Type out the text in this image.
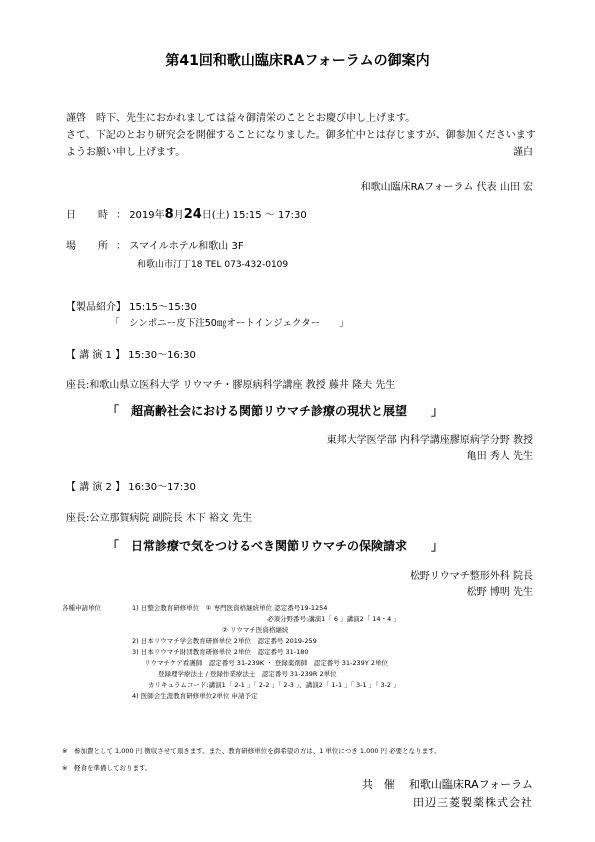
第41回和歌山臨床RAフォーラムの御案内
謹啓　時下、先生におかれましては益々御清栄のこととお慶び申し上げます。
さて、下記のとおり研究会を開催することになりました。御多忙中とは存じますが、御参加くださいます
ようお願い申し上げます。	謹白
和歌山臨床RAフォーラム 代表 山田 宏
日　時 ： 2019年8月24日(土) 15:15 ～ 17:30
場　所 ： スマイルホテル和歌山 3F
和歌山市汀丁18 TEL 073-432-0109
【製品紹介】 15:15～15:30
「　シンポニー皮下注50㎎オートインジェクター　　」
【 講 演 1 】 15:30～16:30
座長:和歌山県立医科大学 リウマチ・膠原病科学講座 教授 藤井 隆夫 先生
「　超高齢社会における関節リウマチ診療の現状と展望　　」
東邦大学医学部 内科学講座膠原病学分野 教授
亀田 秀人 先生
【 講 演 2 】 16:30～17:30
座長:公立那賀病院 副院長 木下 裕文 先生
「　日常診療で気をつけるべき関節リウマチの保険請求　　」
松野リウマチ整形外科 院長
松野 博明 先生
各種申請単位	1) 日整会教育研修単位　① 専門医資格継続単位 認定番号19-1254
必須分野番号:講演1「 6 」講演2「 14・4 」
② リウマチ医資格継続
2) 日本リウマチ学会教育研修単位 2単位　認定番号 2019-259
3) 日本リウマチ財団教育研修単位 2単位　認定番号 31-180
リウマチケア看護師　認定番号 31-239K ・ 登録薬剤師　認定番号 31-239Y 2単位
登録理学療法士 / 登録作業療法士　認定番号 31-239R 2単位
カリキュラムコード:講演1「 2-1 」「 2-2 」「 2-3 」、講演2「 1-1 」「 3-1 」「 3-2 」
4) 医師会生涯教育研修単位2単位 申請予定
※　参加費として 1,000 円 徴収させて頂きます。また、教育研修単位を御希望の方は、1 単位につき 1,000 円 必要となります。
※　軽食を準備しております。
共　催 和歌山臨床RAフォーラム
田辺三菱製薬株式会社
